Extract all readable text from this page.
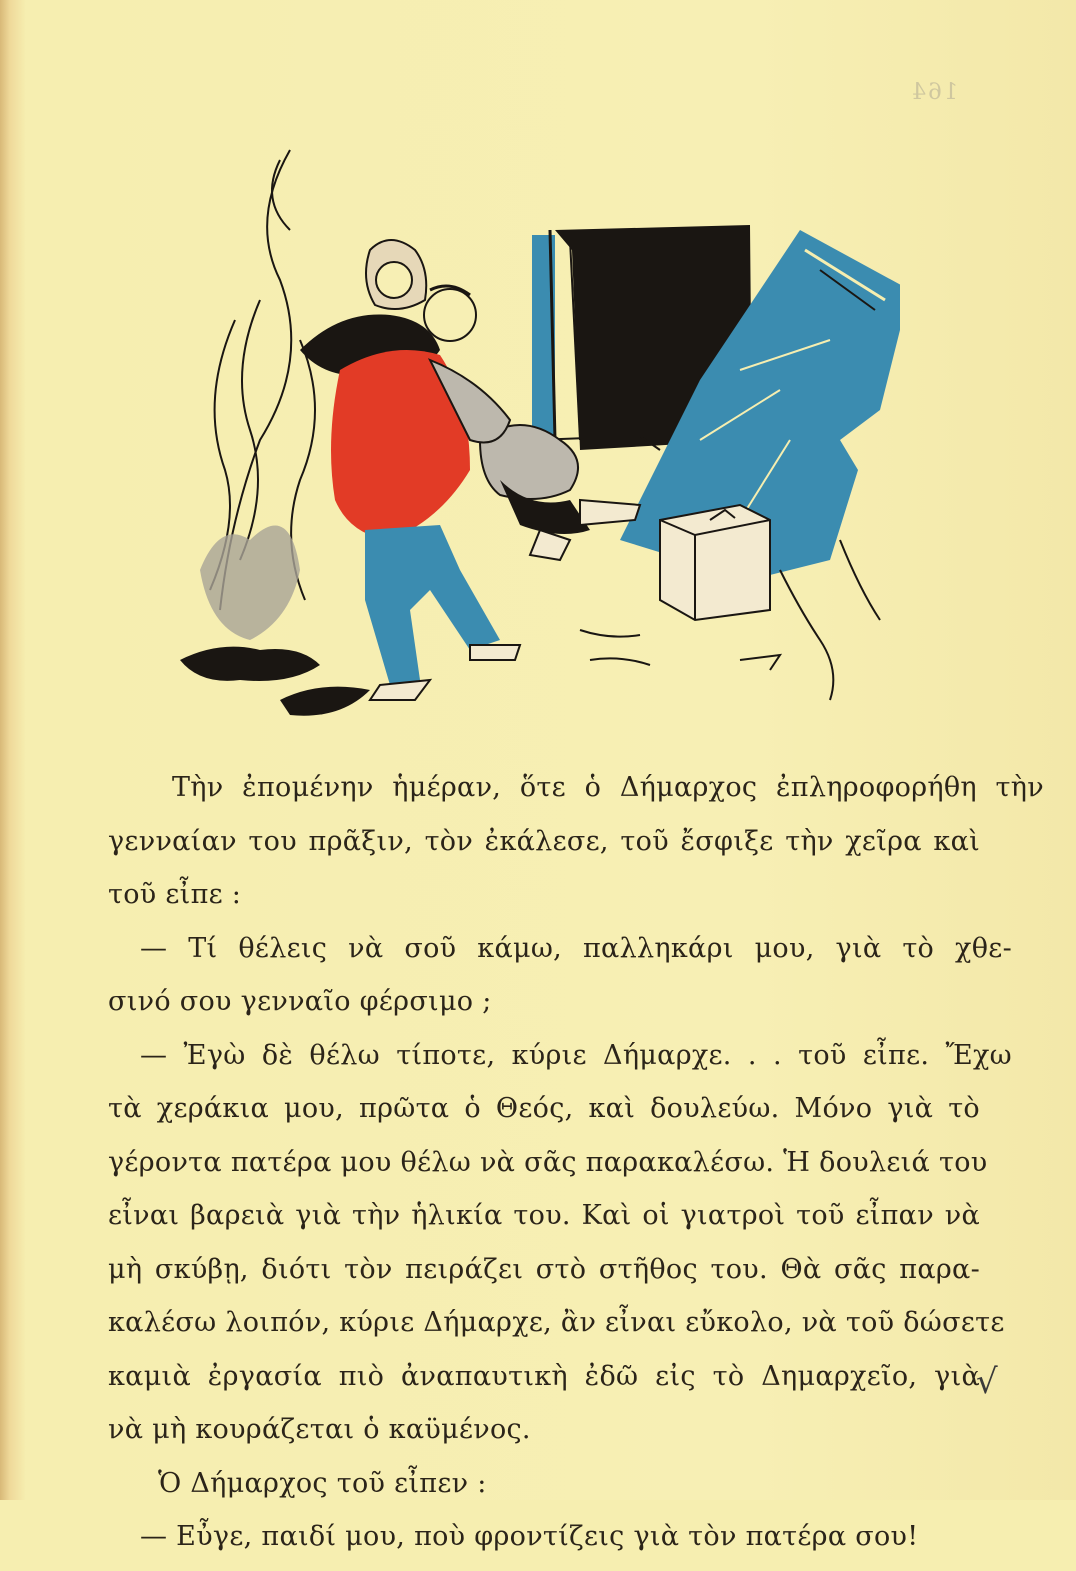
164
Τὴν ἐπομένην ἡμέραν, ὅτε ὁ Δήμαρχος ἐπληροφορήθη τὴν
γενναίαν του πρᾶξιν, τὸν ἐκάλεσε, τοῦ ἔσφιξε τὴν χεῖρα καὶ
τοῦ εἶπε :
— Τί θέλεις νὰ σοῦ κάμω, παλληκάρι μου, γιὰ τὸ χθε-
σινό σου γενναῖο φέρσιμο ;
— Ἐγὼ δὲ θέλω τίποτε, κύριε Δήμαρχε. . . τοῦ εἶπε. Ἔχω
τὰ χεράκια μου, πρῶτα ὁ Θεός, καὶ δουλεύω. Μόνο γιὰ τὸ
γέροντα πατέρα μου θέλω νὰ σᾶς παρακαλέσω. Ἡ δουλειά του
εἶναι βαρειὰ γιὰ τὴν ἡλικία του. Καὶ οἱ γιατροὶ τοῦ εἶπαν νὰ
μὴ σκύβῃ, διότι τὸν πειράζει στὸ στῆθος του. Θὰ σᾶς παρα-
καλέσω λοιπόν, κύριε Δήμαρχε, ἂν εἶναι εὔκολο, νὰ τοῦ δώσετε
καμιὰ ἐργασία πιὸ ἀναπαυτικὴ ἐδῶ εἰς τὸ Δημαρχεῖο, γιὰ
νὰ μὴ κουράζεται ὁ καϋμένος.
Ὁ Δήμαρχος τοῦ εἶπεν :
— Εὖγε, παιδί μου, ποὺ φροντίζεις γιὰ τὸν πατέρα σου!
√
